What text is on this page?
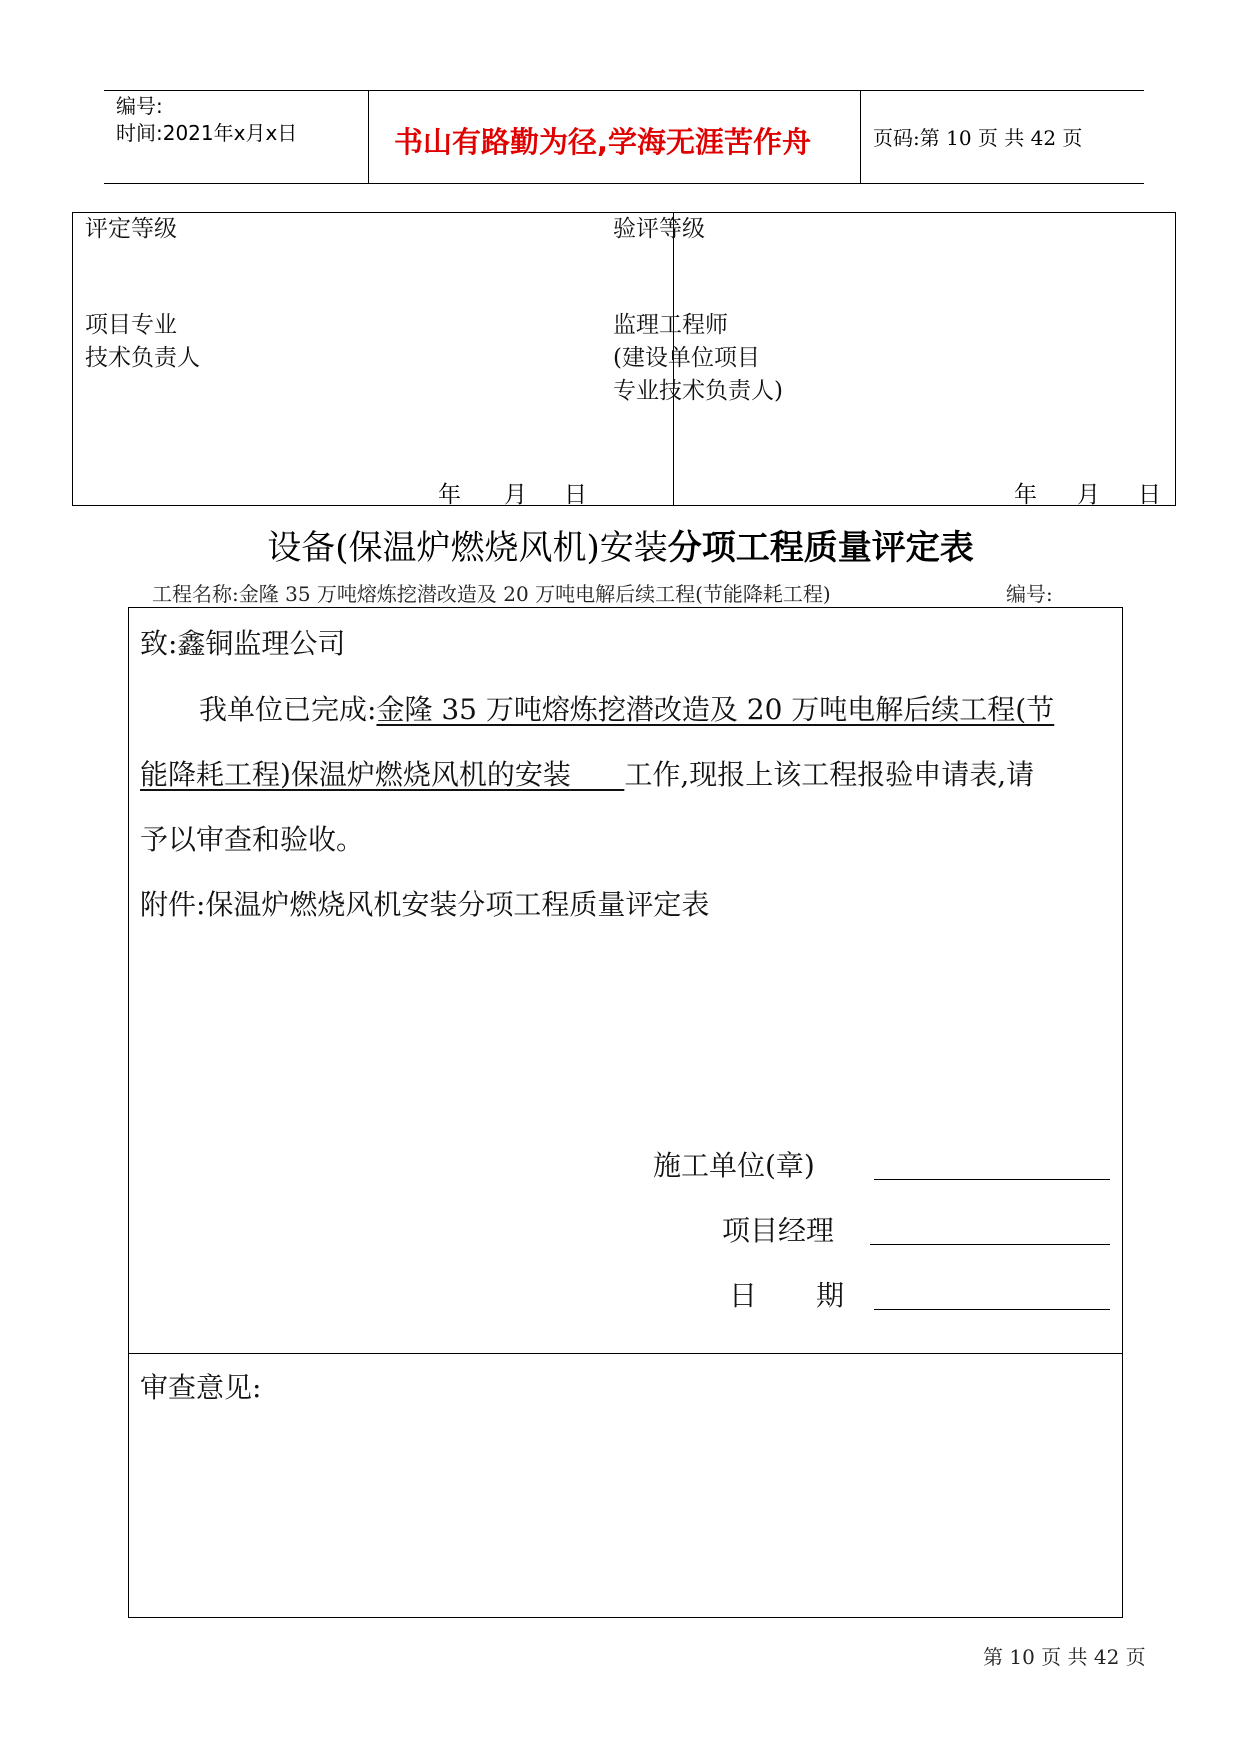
编号:
时间:2021年x月x日	书山有路勤为径,学海无涯苦作舟	页码:第 10 页 共 42 页
评定等级
项目专业
技术负责人
验评等级
监理工程师
(建设单位项目
专业技术负责人)
年 月 日	年 月 日
设备(保温炉燃烧风机)安装分项工程质量评定表
工程名称:金隆 35 万吨熔炼挖潜改造及 20 万吨电解后续工程(节能降耗工程)	编号:
致:鑫铜监理公司
我单位已完成:金隆 35 万吨熔炼挖潜改造及 20 万吨电解后续工程(节
能降耗工程)保温炉燃烧风机的安装 工作,现报上该工程报验申请表,请
予以审查和验收。
附件:保温炉燃烧风机安装分项工程质量评定表
施工单位(章)
项目经理
日 期
审查意见:
第 10 页 共 42 页
